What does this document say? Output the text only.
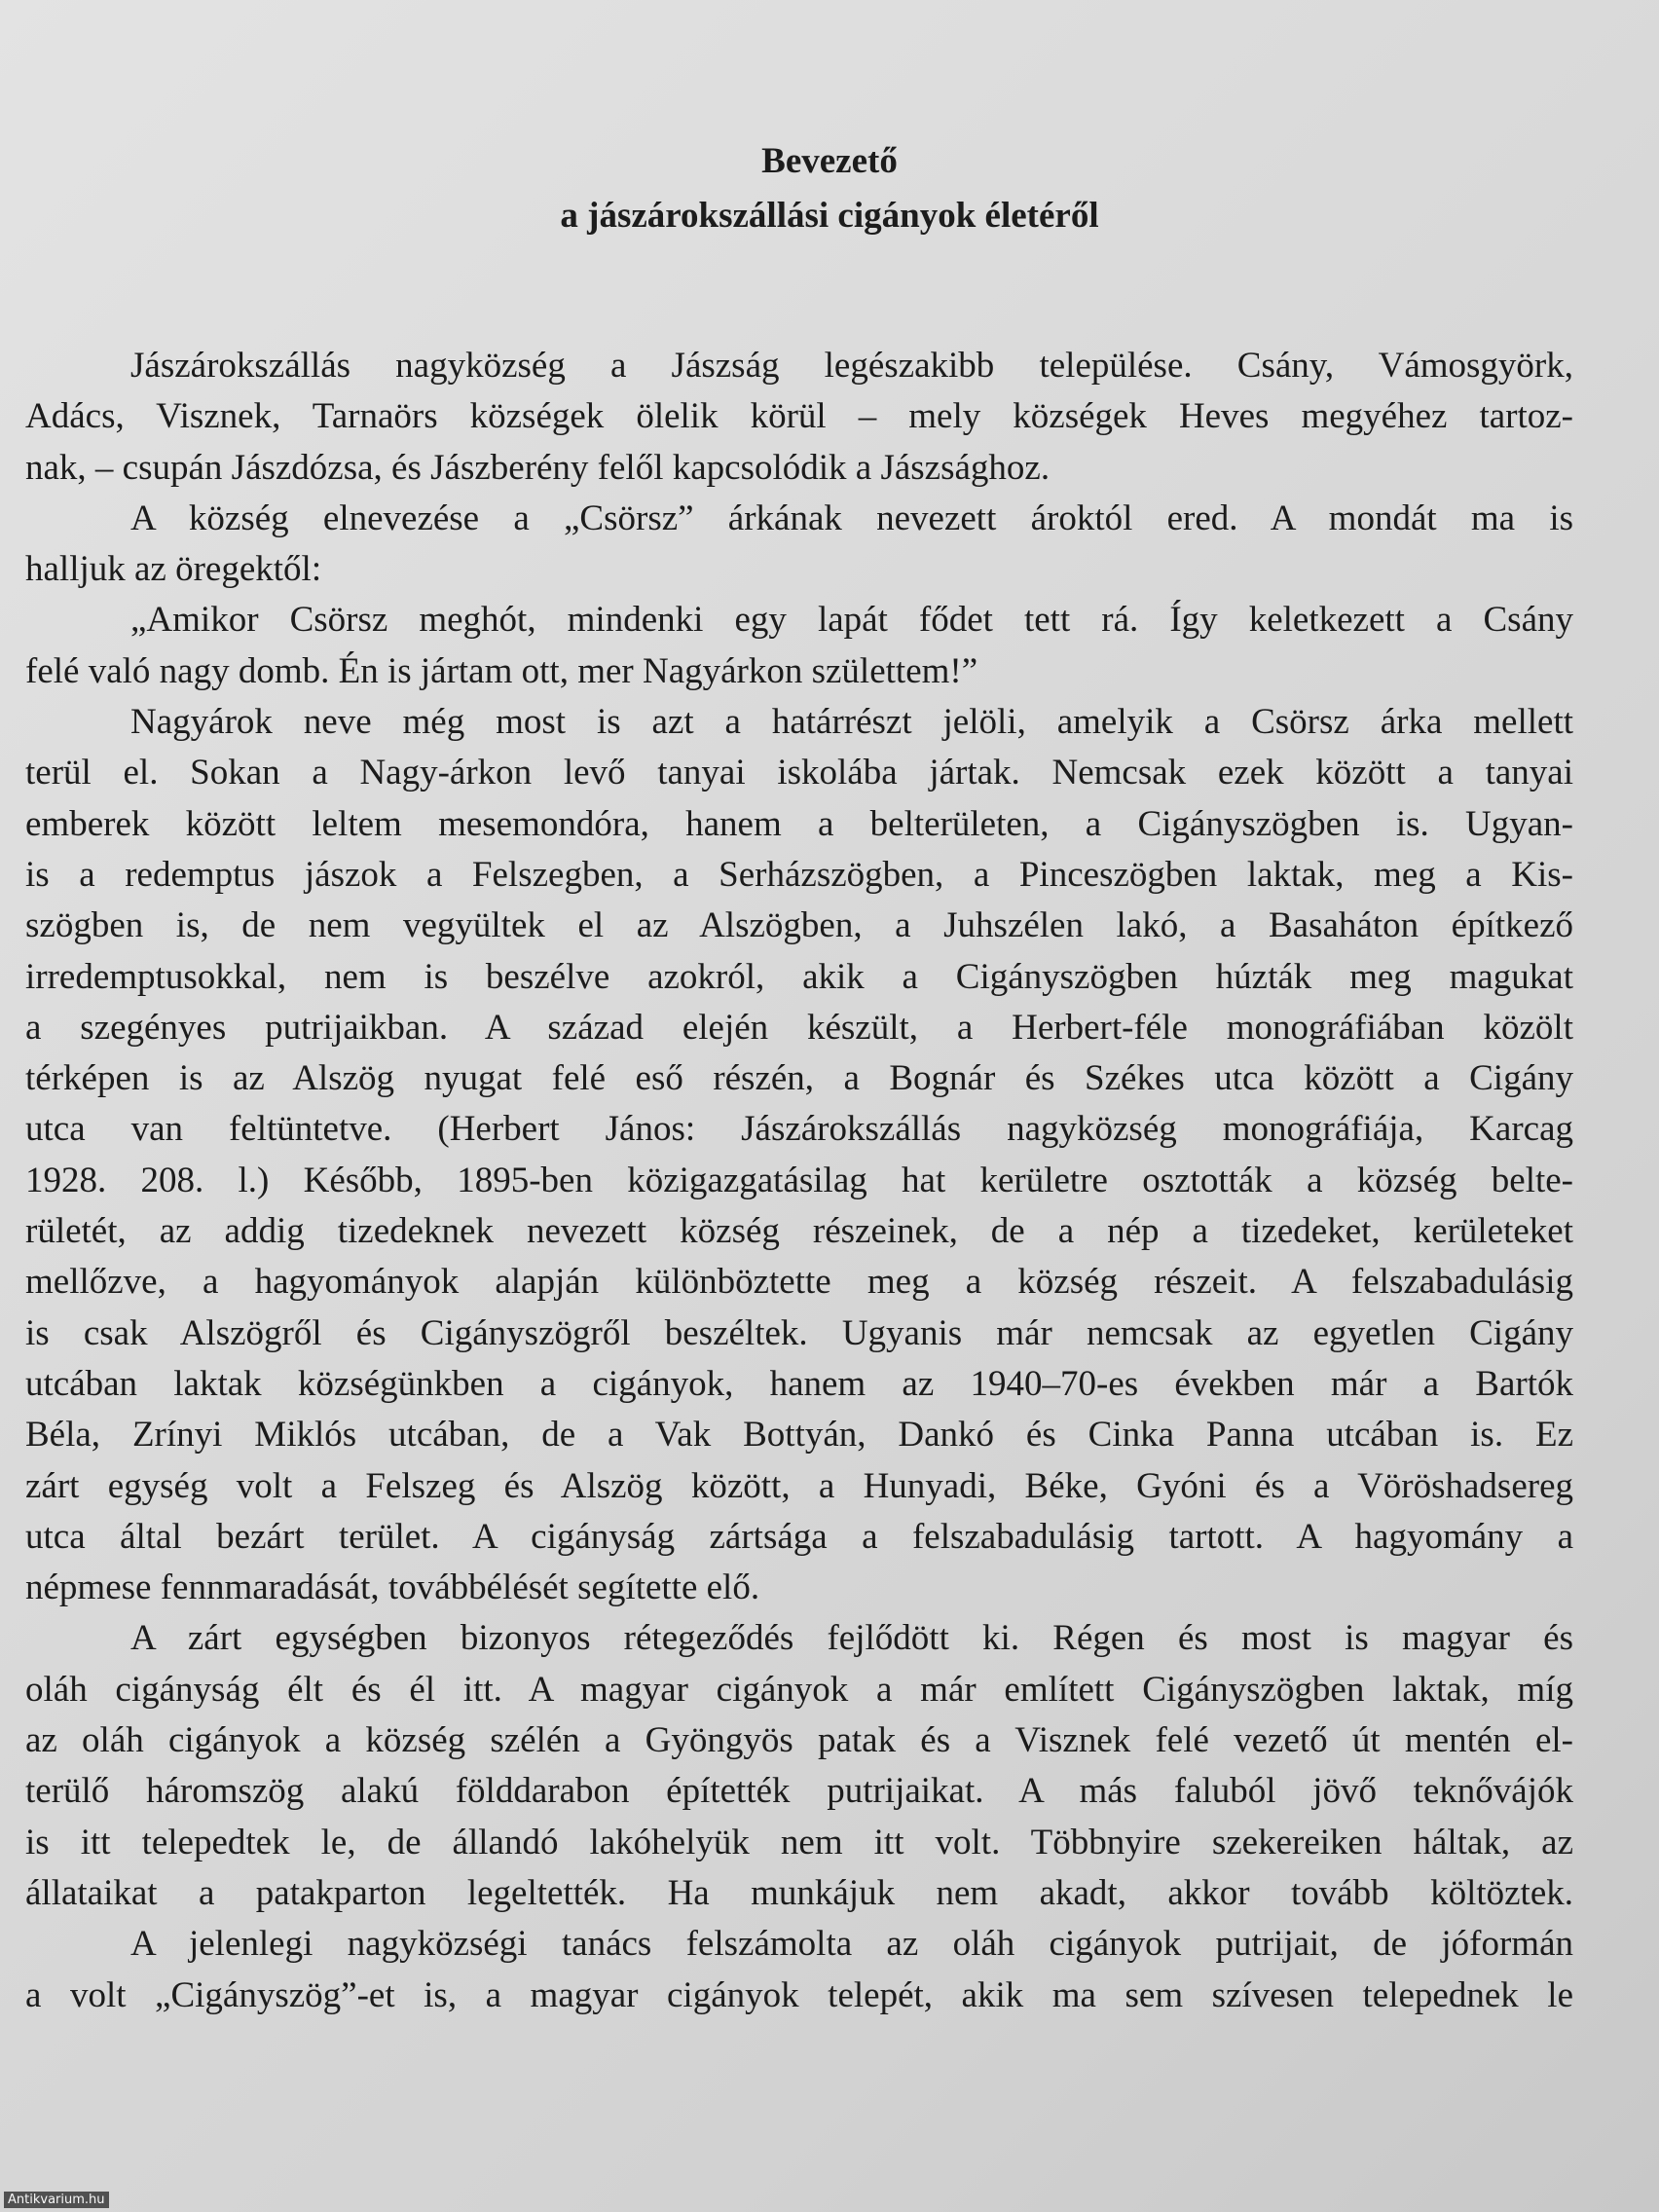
Bevezető
a jászárokszállási cigányok életéről
Jászárokszállás nagyközség a Jászság legészakibb települése. Csány, Vámosgyörk,
Adács, Visznek, Tarnaörs községek ölelik körül – mely községek Heves megyéhez tartoz-
nak, – csupán Jászdózsa, és Jászberény felől kapcsolódik a Jászsághoz.
A község elnevezése a „Csörsz” árkának nevezett ároktól ered. A mondát ma is
halljuk az öregektől:
„Amikor Csörsz meghót, mindenki egy lapát fődet tett rá. Így keletkezett a Csány
felé való nagy domb. Én is jártam ott, mer Nagyárkon születtem!”
Nagyárok neve még most is azt a határrészt jelöli, amelyik a Csörsz árka mellett
terül el. Sokan a Nagy-árkon levő tanyai iskolába jártak. Nemcsak ezek között a tanyai
emberek között leltem mesemondóra, hanem a belterületen, a Cigányszögben is. Ugyan-
is a redemptus jászok a Felszegben, a Serházszögben, a Pinceszögben laktak, meg a Kis-
szögben is, de nem vegyültek el az Alszögben, a Juhszélen lakó, a Basaháton építkező
irredemptusokkal, nem is beszélve azokról, akik a Cigányszögben húzták meg magukat
a szegényes putrijaikban. A század elején készült, a Herbert-féle monográfiában közölt
térképen is az Alszög nyugat felé eső részén, a Bognár és Székes utca között a Cigány
utca van feltüntetve. (Herbert János: Jászárokszállás nagyközség monográfiája, Karcag
1928. 208. l.) Később, 1895-ben közigazgatásilag hat kerületre osztották a község belte-
rületét, az addig tizedeknek nevezett község részeinek, de a nép a tizedeket, kerületeket
mellőzve, a hagyományok alapján különböztette meg a község részeit. A felszabadulásig
is csak Alszögről és Cigányszögről beszéltek. Ugyanis már nemcsak az egyetlen Cigány
utcában laktak községünkben a cigányok, hanem az 1940–70-es években már a Bartók
Béla, Zrínyi Miklós utcában, de a Vak Bottyán, Dankó és Cinka Panna utcában is. Ez
zárt egység volt a Felszeg és Alszög között, a Hunyadi, Béke, Gyóni és a Vöröshadsereg
utca által bezárt terület. A cigányság zártsága a felszabadulásig tartott. A hagyomány a
népmese fennmaradását, továbbélését segítette elő.
A zárt egységben bizonyos rétegeződés fejlődött ki. Régen és most is magyar és
oláh cigányság élt és él itt. A magyar cigányok a már említett Cigányszögben laktak, míg
az oláh cigányok a község szélén a Gyöngyös patak és a Visznek felé vezető út mentén el-
terülő háromszög alakú földdarabon építették putrijaikat. A más faluból jövő teknővájók
is itt telepedtek le, de állandó lakóhelyük nem itt volt. Többnyire szekereiken háltak, az
állataikat a patakparton legeltették. Ha munkájuk nem akadt, akkor tovább költöztek.
A jelenlegi nagyközségi tanács felszámolta az oláh cigányok putrijait, de jóformán
a volt „Cigányszög”-et is, a magyar cigányok telepét, akik ma sem szívesen telepednek le
Antikvarium.hu
